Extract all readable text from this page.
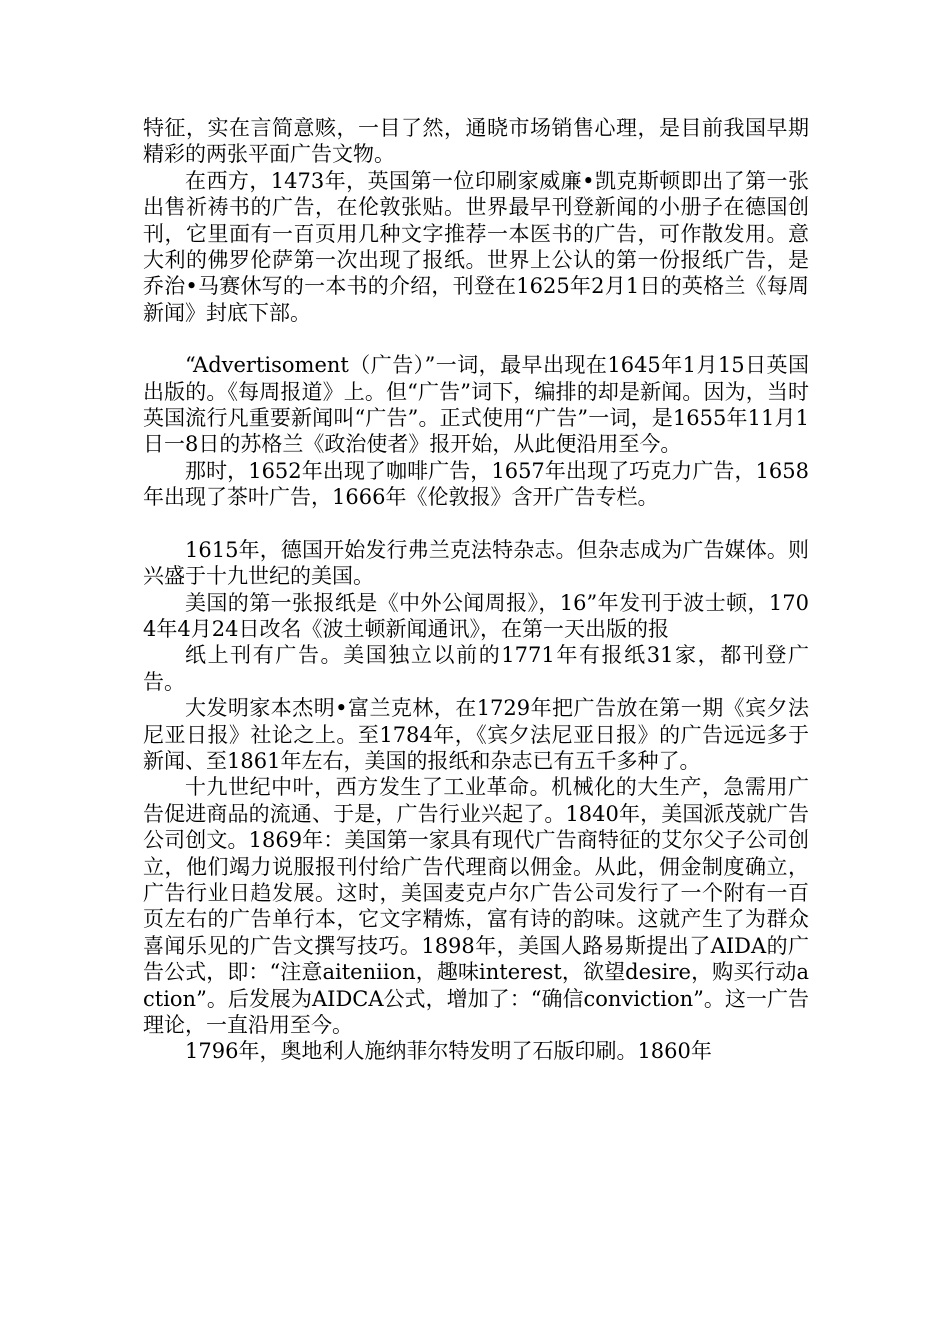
特征，实在言简意赅，一目了然，通晓市场销售心理，是目前我国早期精彩的两张平面广告文物。

在西方，1473年，英国第一位印刷家威廉•凯克斯顿即出了第一张出售祈祷书的广告，在伦敦张贴。世界最早刊登新闻的小册子在德国创刊，它里面有一百页用几种文字推荐一本医书的广告，可作散发用。意大利的佛罗伦萨第一次出现了报纸。世界上公认的第一份报纸广告，是乔治•马赛休写的一本书的介绍，刊登在1625年2月1日的英格兰《每周新闻》封底下部。

“Advertisoment（广告）”一词，最早出现在1645年1月15日英国出版的。《每周报道》上。但“广告”词下，编排的却是新闻。因为，当时英国流行凡重要新闻叫“广告”。正式使用“广告”一词，是1655年11月1日一8日的苏格兰《政治使者》报开始，从此便沿用至今。

那时，1652年出现了咖啡广告，1657年出现了巧克力广告，1658年出现了茶叶广告，1666年《伦敦报》含开广告专栏。

1615年，德国开始发行弗兰克法特杂志。但杂志成为广告媒体。则兴盛于十九世纪的美国。

美国的第一张报纸是《中外公闻周报》，16”年发刊于波士顿，1704年4月24日改名《波土顿新闻通讯》，在第一天出版的报

纸上刊有广告。美国独立以前的1771年有报纸31家，都刊登广告。

大发明家本杰明•富兰克林，在1729年把广告放在第一期《宾夕法尼亚日报》社论之上。至1784年，《宾夕法尼亚日报》的广告远远多于新闻、至1861年左右，美国的报纸和杂志已有五千多种了。

十九世纪中叶，西方发生了工业革命。机械化的大生产，急需用广告促进商品的流通、于是，广告行业兴起了。1840年，美国派茂就广告公司创文。1869年：美国第一家具有现代广告商特征的艾尔父子公司创立，他们竭力说服报刊付给广告代理商以佣金。从此，佣金制度确立，广告行业日趋发展。这时，美国麦克卢尔广告公司发行了一个附有一百页左右的广告单行本，它文字精炼，富有诗的韵味。这就产生了为群众喜闻乐见的广告文撰写技巧。1898年，美国人路易斯提出了AIDA的广告公式，即：“注意aiteniion，趣味interest，欲望desire，购买行动action”。后发展为AIDCA公式，增加了：“确信conviction”。这一广告理论，一直沿用至今。

1796年，奥地利人施纳菲尔特发明了石版印刷。1860年
